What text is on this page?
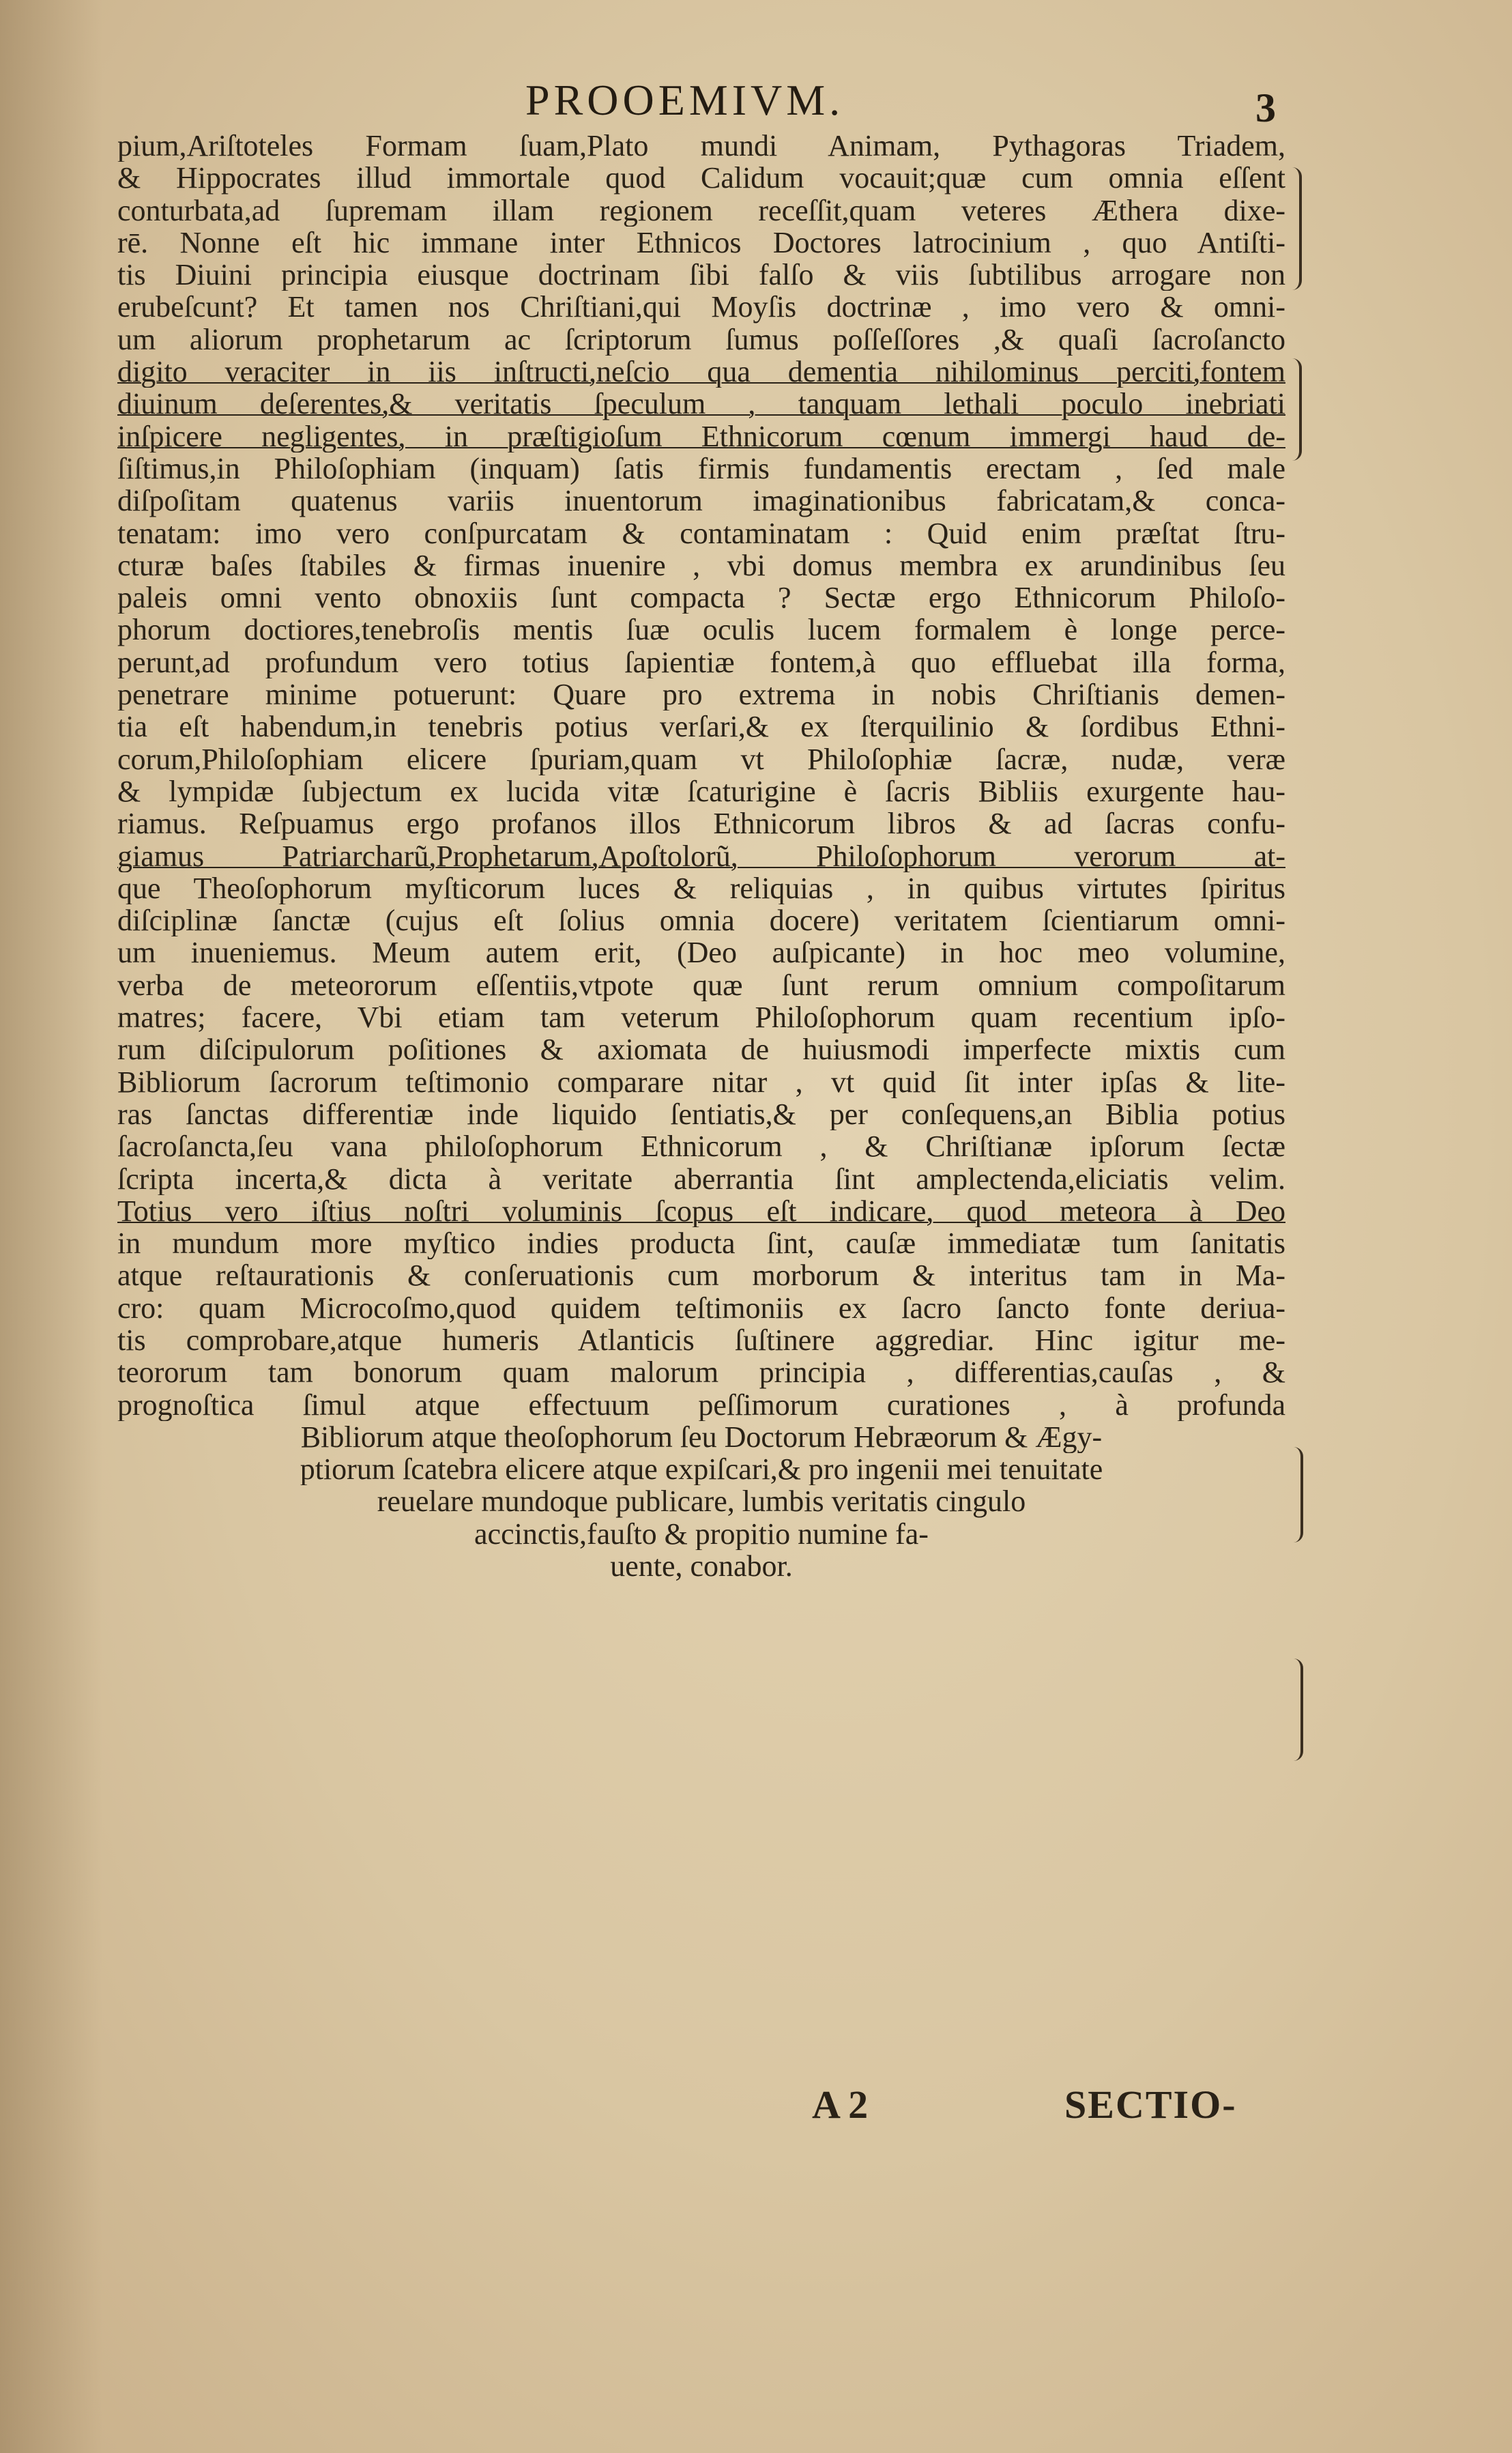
PROOEMIVM.	3
pium,Ariſtoteles Formam ſuam,Plato mundi Animam, Pythagoras Triadem,
& Hippocrates illud immortale quod Calidum vocauit;quæ cum omnia eſſent
conturbata,ad ſupremam illam regionem receſſit,quam veteres Æthera dixe-
rē. Nonne eſt hic immane inter Ethnicos Doctores latrocinium , quo Antiſti-
tis Diuini principia eiusque doctrinam ſibi falſo & viis ſubtilibus arrogare non
erubeſcunt? Et tamen nos Chriſtiani,qui Moyſis doctrinæ , imo vero & omni-
um aliorum prophetarum ac ſcriptorum ſumus poſſeſſores ,& quaſi ſacroſancto
digito veraciter in iis inſtructi,neſcio qua dementia nihilominus perciti,fontem
diuinum deſerentes,& veritatis ſpeculum , tanquam lethali poculo inebriati
inſpicere negligentes, in præſtigioſum Ethnicorum cœnum immergi haud de-
ſiſtimus,in Philoſophiam (inquam) ſatis firmis fundamentis erectam , ſed male
diſpoſitam quatenus variis inuentorum imaginationibus fabricatam,& conca-
tenatam: imo vero conſpurcatam & contaminatam : Quid enim præſtat ſtru-
cturæ baſes ſtabiles & firmas inuenire , vbi domus membra ex arundinibus ſeu
paleis omni vento obnoxiis ſunt compacta ? Sectæ ergo Ethnicorum Philoſo-
phorum doctiores,tenebroſis mentis ſuæ oculis lucem formalem è longe perce-
perunt,ad profundum vero totius ſapientiæ fontem,à quo effluebat illa forma,
penetrare minime potuerunt: Quare pro extrema in nobis Chriſtianis demen-
tia eſt habendum,in tenebris potius verſari,& ex ſterquilinio & ſordibus Ethni-
corum,Philoſophiam elicere ſpuriam,quam vt Philoſophiæ ſacræ, nudæ, veræ
& lympidæ ſubjectum ex lucida vitæ ſcaturigine è ſacris Bibliis exurgente hau-
riamus. Reſpuamus ergo profanos illos Ethnicorum libros & ad ſacras confu-
giamus Patriarcharũ,Prophetarum,Apoſtolorũ, Philoſophorum verorum at-
que Theoſophorum myſticorum luces & reliquias , in quibus virtutes ſpiritus
diſciplinæ ſanctæ (cujus eſt ſolius omnia docere) veritatem ſcientiarum omni-
um inueniemus. Meum autem erit, (Deo auſpicante) in hoc meo volumine,
verba de meteororum eſſentiis,vtpote quæ ſunt rerum omnium compoſitarum
matres; facere, Vbi etiam tam veterum Philoſophorum quam recentium ipſo-
rum diſcipulorum poſitiones & axiomata de huiusmodi imperfecte mixtis cum
Bibliorum ſacrorum teſtimonio comparare nitar , vt quid ſit inter ipſas & lite-
ras ſanctas differentiæ inde liquido ſentiatis,& per conſequens,an Biblia potius
ſacroſancta,ſeu vana philoſophorum Ethnicorum , & Chriſtianæ ipſorum ſectæ
ſcripta incerta,& dicta à veritate aberrantia ſint amplectenda,eliciatis velim.
Totius vero iſtius noſtri voluminis ſcopus eſt indicare, quod meteora à Deo
in mundum more myſtico indies producta ſint, cauſæ immediatæ tum ſanitatis
atque reſtaurationis & conſeruationis cum morborum & interitus tam in Ma-
cro: quam Microcoſmo,quod quidem teſtimoniis ex ſacro ſancto fonte deriua-
tis comprobare,atque humeris Atlanticis ſuſtinere aggrediar. Hinc igitur me-
teororum tam bonorum quam malorum principia , differentias,cauſas , &
prognoſtica ſimul atque effectuum peſſimorum curationes , à profunda
Bibliorum atque theoſophorum ſeu Doctorum Hebræorum & Ægy-
ptiorum ſcatebra elicere atque expiſcari,& pro ingenii mei tenuitate
reuelare mundoque publicare, lumbis veritatis cingulo
accinctis,fauſto & propitio numine fa-
uente, conabor.
A 2	SECTIO-
